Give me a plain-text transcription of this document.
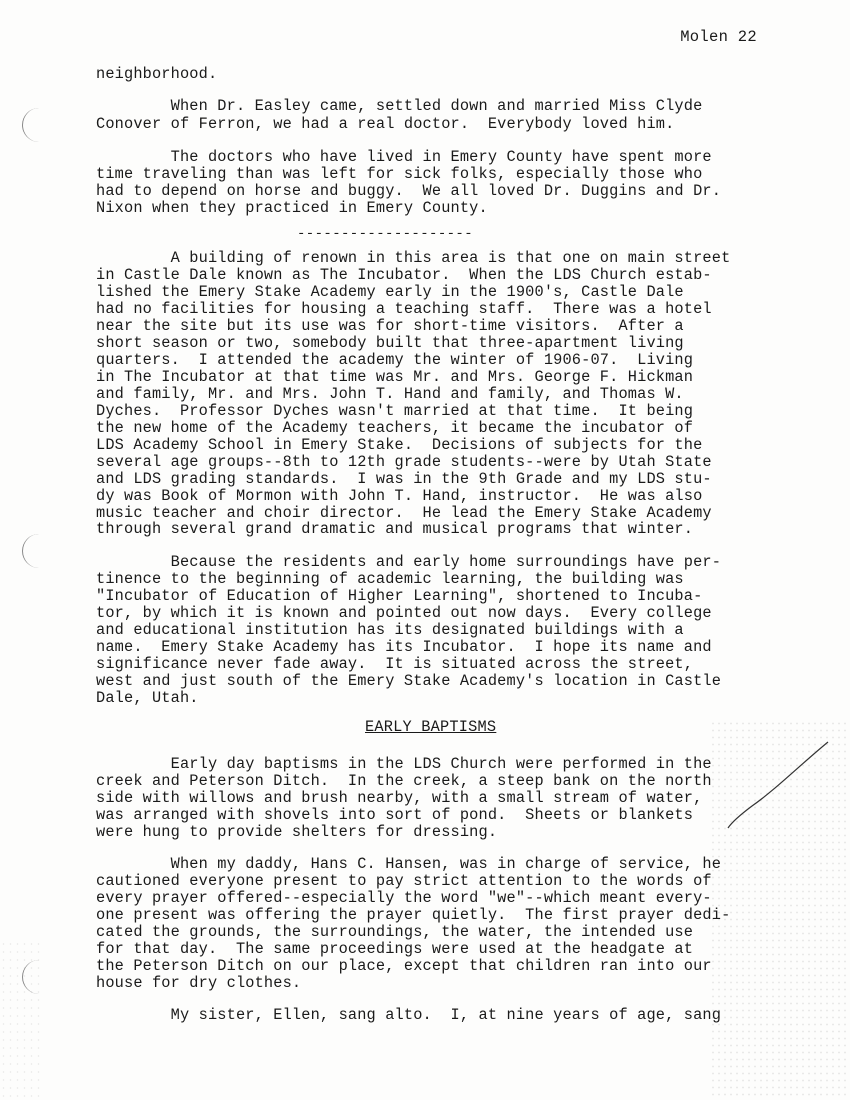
Molen 22
neighborhood.
When Dr. Easley came, settled down and married Miss Clyde
Conover of Ferron, we had a real doctor.  Everybody loved him.
The doctors who have lived in Emery County have spent more
time traveling than was left for sick folks, especially those who
had to depend on horse and buggy.  We all loved Dr. Duggins and Dr.
Nixon when they practiced in Emery County.
--------------------
A building of renown in this area is that one on main street
in Castle Dale known as The Incubator.  When the LDS Church estab-
lished the Emery Stake Academy early in the 1900's, Castle Dale
had no facilities for housing a teaching staff.  There was a hotel
near the site but its use was for short-time visitors.  After a
short season or two, somebody built that three-apartment living
quarters.  I attended the academy the winter of 1906-07.  Living
in The Incubator at that time was Mr. and Mrs. George F. Hickman
and family, Mr. and Mrs. John T. Hand and family, and Thomas W.
Dyches.  Professor Dyches wasn't married at that time.  It being
the new home of the Academy teachers, it became the incubator of
LDS Academy School in Emery Stake.  Decisions of subjects for the
several age groups--8th to 12th grade students--were by Utah State
and LDS grading standards.  I was in the 9th Grade and my LDS stu-
dy was Book of Mormon with John T. Hand, instructor.  He was also
music teacher and choir director.  He lead the Emery Stake Academy
through several grand dramatic and musical programs that winter.
Because the residents and early home surroundings have per-
tinence to the beginning of academic learning, the building was
"Incubator of Education of Higher Learning", shortened to Incuba-
tor, by which it is known and pointed out now days.  Every college
and educational institution has its designated buildings with a
name.  Emery Stake Academy has its Incubator.  I hope its name and
significance never fade away.  It is situated across the street,
west and just south of the Emery Stake Academy's location in Castle
Dale, Utah.
EARLY BAPTISMS
Early day baptisms in the LDS Church were performed in the
creek and Peterson Ditch.  In the creek, a steep bank on the north
side with willows and brush nearby, with a small stream of water,
was arranged with shovels into sort of pond.  Sheets or blankets
were hung to provide shelters for dressing.
When my daddy, Hans C. Hansen, was in charge of service, he
cautioned everyone present to pay strict attention to the words of
every prayer offered--especially the word "we"--which meant every-
one present was offering the prayer quietly.  The first prayer dedi-
cated the grounds, the surroundings, the water, the intended use
for that day.  The same proceedings were used at the headgate at
the Peterson Ditch on our place, except that children ran into our
house for dry clothes.
My sister, Ellen, sang alto.  I, at nine years of age, sang
